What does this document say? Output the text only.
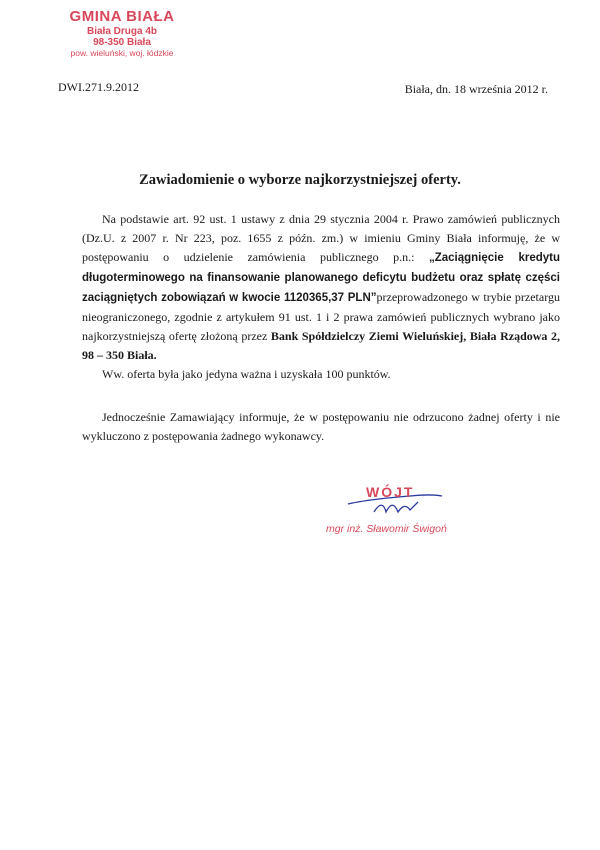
GMINA BIAŁA
Biała Druga 4b
98-350 Biała
pow. wieluński, woj. łódzkie
DWI.271.9.2012	Biała, dn. 18 września 2012 r.
Zawiadomienie o wyborze najkorzystniejszej oferty.

Na podstawie art. 92 ust. 1 ustawy z dnia 29 stycznia 2004 r. Prawo zamówień publicznych (Dz.U. z 2007 r. Nr 223, poz. 1655 z późn. zm.) w imieniu Gminy Biała informuję, że w postępowaniu o udzielenie zamówienia publicznego p.n.: „Zaciągnięcie kredytu długoterminowego na finansowanie planowanego deficytu budżetu oraz spłatę części zaciągniętych zobowiązań w kwocie 1120365,37 PLN”przeprowadzonego w trybie przetargu nieograniczonego, zgodnie z artykułem 91 ust. 1 i 2 prawa zamówień publicznych wybrano jako najkorzystniejszą ofertę złożoną przez Bank Spółdzielczy Ziemi Wieluńskiej, Biała Rządowa 2, 98 – 350 Biała.

Ww. oferta była jako jedyna ważna i uzyskała 100 punktów.

Jednocześnie Zamawiający informuje, że w postępowaniu nie odrzucono żadnej oferty i nie wykluczono z postępowania żadnego wykonawcy.

WÓJT
mgr inż. Sławomir Świgoń
